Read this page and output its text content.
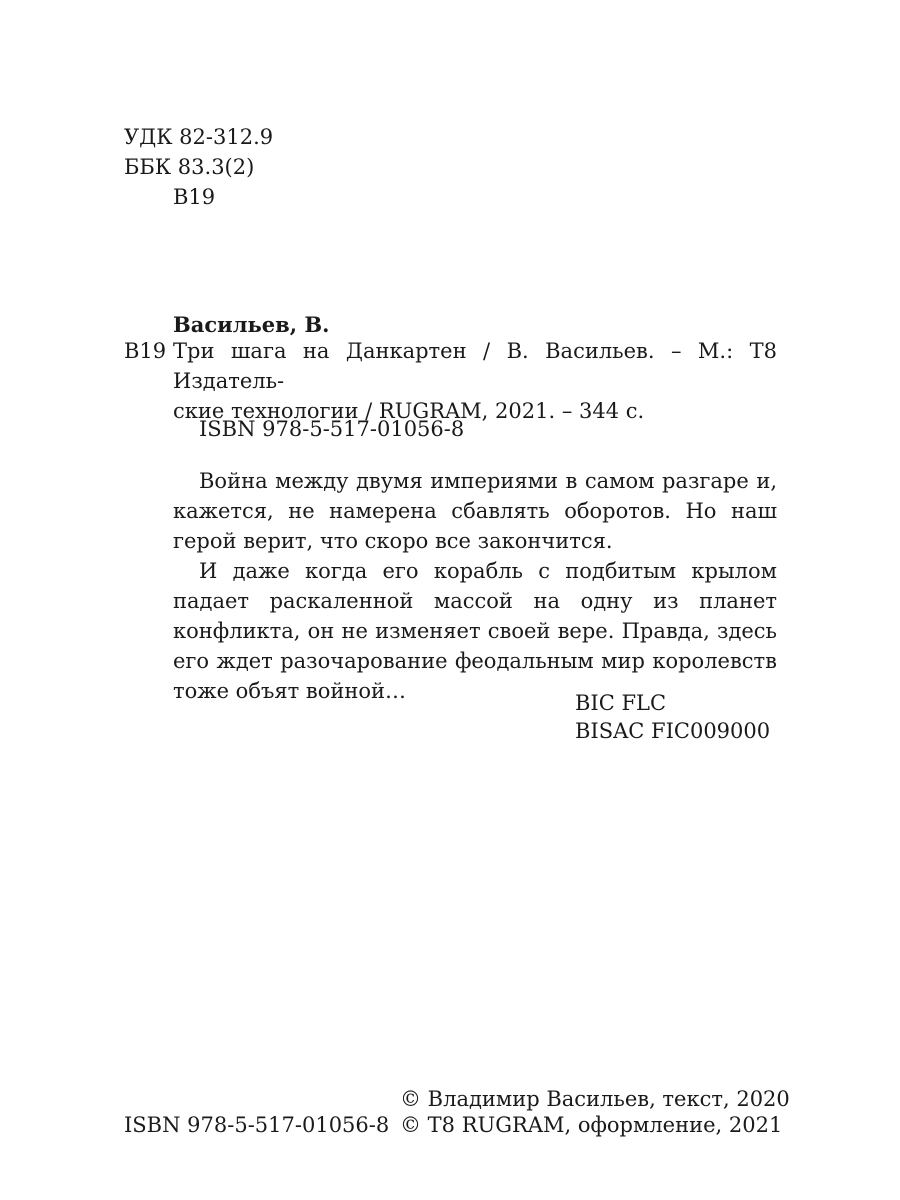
УДК 82-312.9
ББК 83.3(2)
В19
Васильев, В.
В19 Три шага на Данкартен / В. Васильев. – М.: Т8 Издатель-
ские технологии / RUGRAM, 2021. – 344 с.
ISBN 978-5-517-01056-8

Война между двумя империями в самом разгаре и, кажется, не намерена сбавлять оборотов. Но наш герой верит, что скоро все закончится.

И даже когда его корабль с подбитым крылом падает раскаленной массой на одну из планет конфликта, он не изменяет своей вере. Правда, здесь его ждет разочарование феодальным мир королевств тоже объят войной…	BIC FLC
BISAC FIC009000
ISBN 978-5-517-01056-8
© Владимир Васильев, текст, 2020
© Т8 RUGRAM, оформление, 2021
